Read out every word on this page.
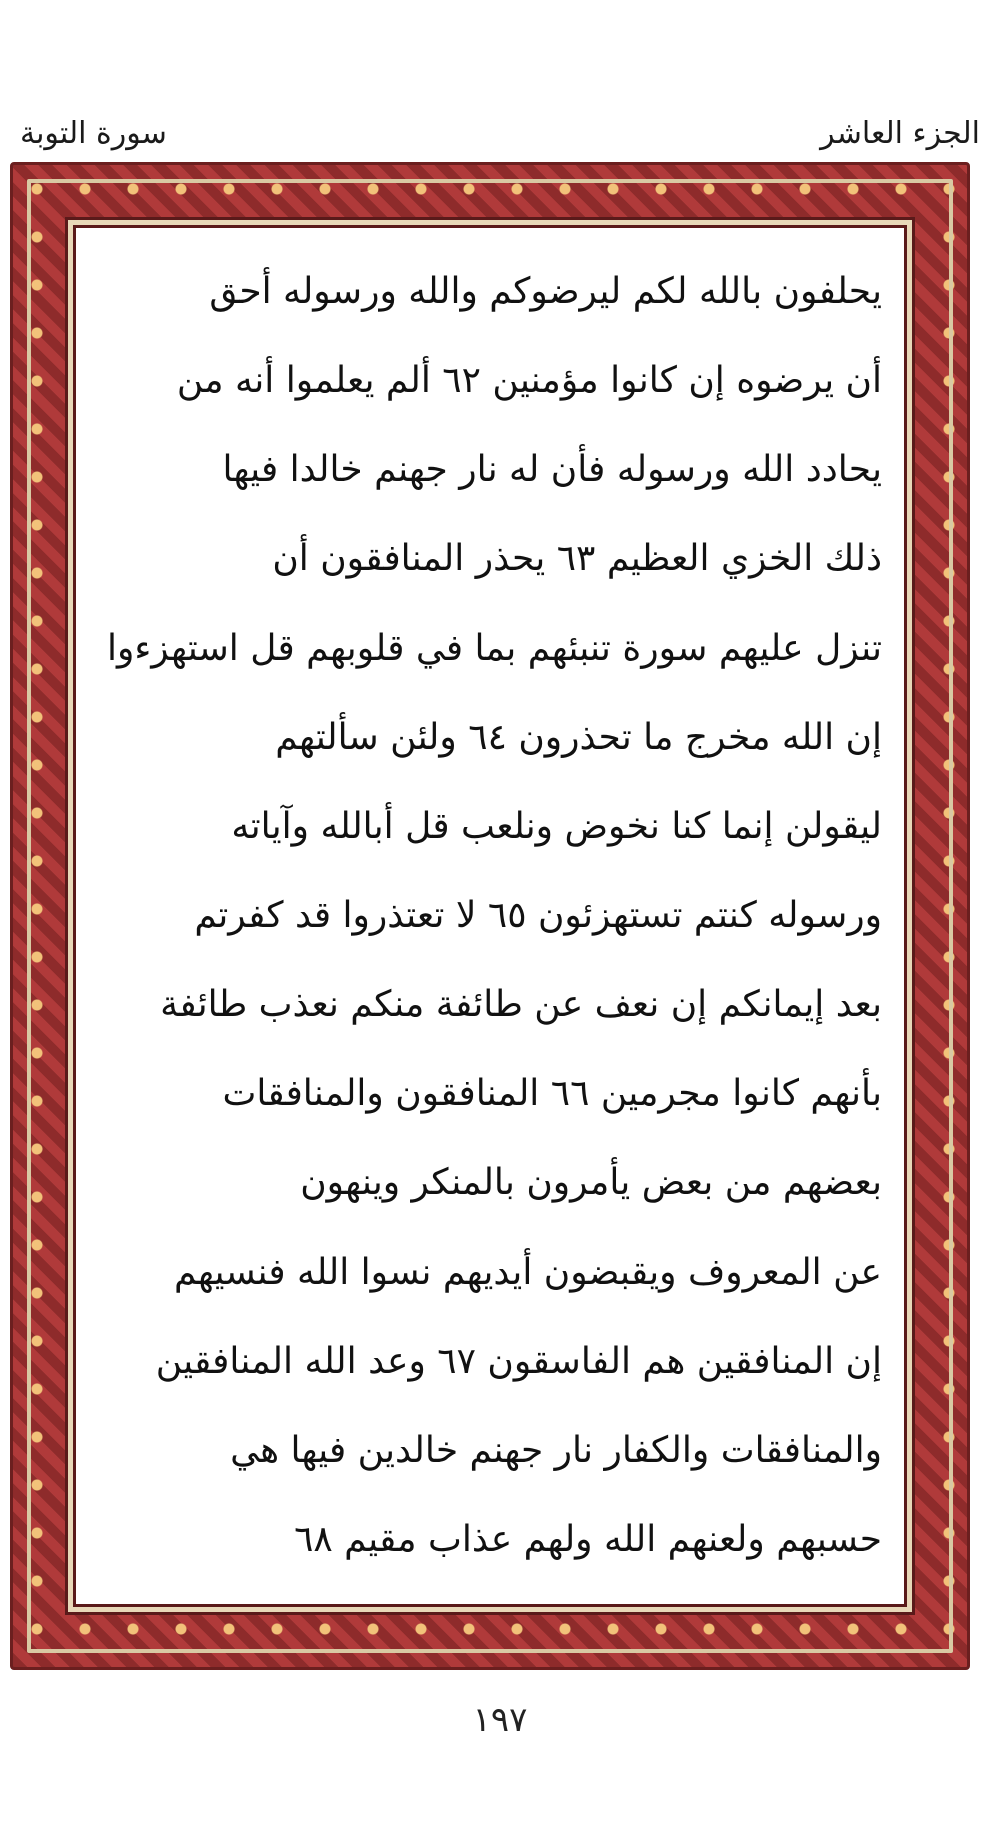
الجزء العاشر
سورة التوبة
يحلفون بالله لكم ليرضوكم والله ورسوله أحق
أن يرضوه إن كانوا مؤمنين ٦٢ ألم يعلموا أنه من
يحادد الله ورسوله فأن له نار جهنم خالدا فيها
ذلك الخزي العظيم ٦٣ يحذر المنافقون أن
تنزل عليهم سورة تنبئهم بما في قلوبهم قل استهزءوا
إن الله مخرج ما تحذرون ٦٤ ولئن سألتهم
ليقولن إنما كنا نخوض ونلعب قل أبالله وآياته
ورسوله كنتم تستهزئون ٦٥ لا تعتذروا قد كفرتم
بعد إيمانكم إن نعف عن طائفة منكم نعذب طائفة
بأنهم كانوا مجرمين ٦٦ المنافقون والمنافقات
بعضهم من بعض يأمرون بالمنكر وينهون
عن المعروف ويقبضون أيديهم نسوا الله فنسيهم
إن المنافقين هم الفاسقون ٦٧ وعد الله المنافقين
والمنافقات والكفار نار جهنم خالدين فيها هي
حسبهم ولعنهم الله ولهم عذاب مقيم ٦٨
١٩٧
